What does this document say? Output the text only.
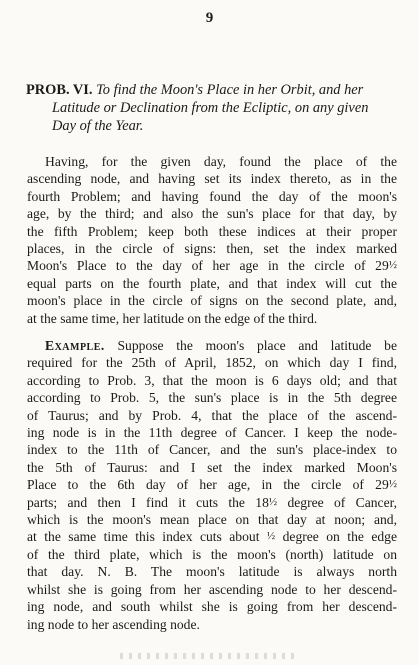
9
PROB. VI. To find the Moon's Place in her Orbit, and her
Latitude or Declination from the Ecliptic, on any given
Day of the Year.
Having, for the given day, found the place of the
ascending node, and having set its index thereto, as in the
fourth Problem; and having found the day of the moon's
age, by the third; and also the sun's place for that day, by
the fifth Problem; keep both these indices at their proper
places, in the circle of signs: then, set the index marked
Moon's Place to the day of her age in the circle of 29½
equal parts on the fourth plate, and that index will cut the
moon's place in the circle of signs on the second plate, and,
at the same time, her latitude on the edge of the third.
Example. Suppose the moon's place and latitude be
required for the 25th of April, 1852, on which day I find,
according to Prob. 3, that the moon is 6 days old; and that
according to Prob. 5, the sun's place is in the 5th degree
of Taurus; and by Prob. 4, that the place of the ascend-
ing node is in the 11th degree of Cancer. I keep the node-
index to the 11th of Cancer, and the sun's place-index to
the 5th of Taurus: and I set the index marked Moon's
Place to the 6th day of her age, in the circle of 29½
parts; and then I find it cuts the 18½ degree of Cancer,
which is the moon's mean place on that day at noon; and,
at the same time this index cuts about ½ degree on the edge
of the third plate, which is the moon's (north) latitude on
that day. N. B. The moon's latitude is always north
whilst she is going from her ascending node to her descend-
ing node, and south whilst she is going from her descend-
ing node to her ascending node.
